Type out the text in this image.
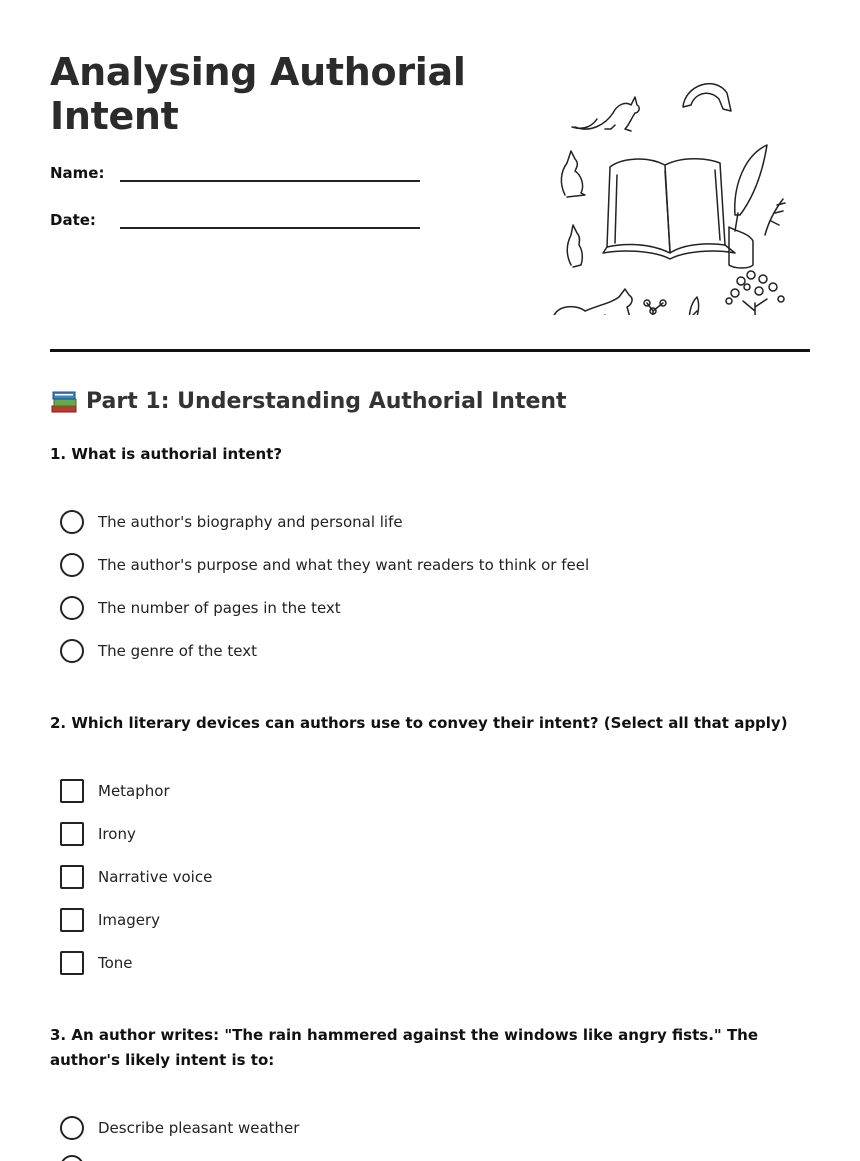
Analysing Authorial Intent
Name:
Date:
Part 1: Understanding Authorial Intent

1. What is authorial intent?

The author's biography and personal life
The author's purpose and what they want readers to think or feel
The number of pages in the text
The genre of the text

2. Which literary devices can authors use to convey their intent? (Select all that apply)

Metaphor
Irony
Narrative voice
Imagery
Tone

3. An author writes: "The rain hammered against the windows like angry fists." The author's likely intent is to:

Describe pleasant weather
